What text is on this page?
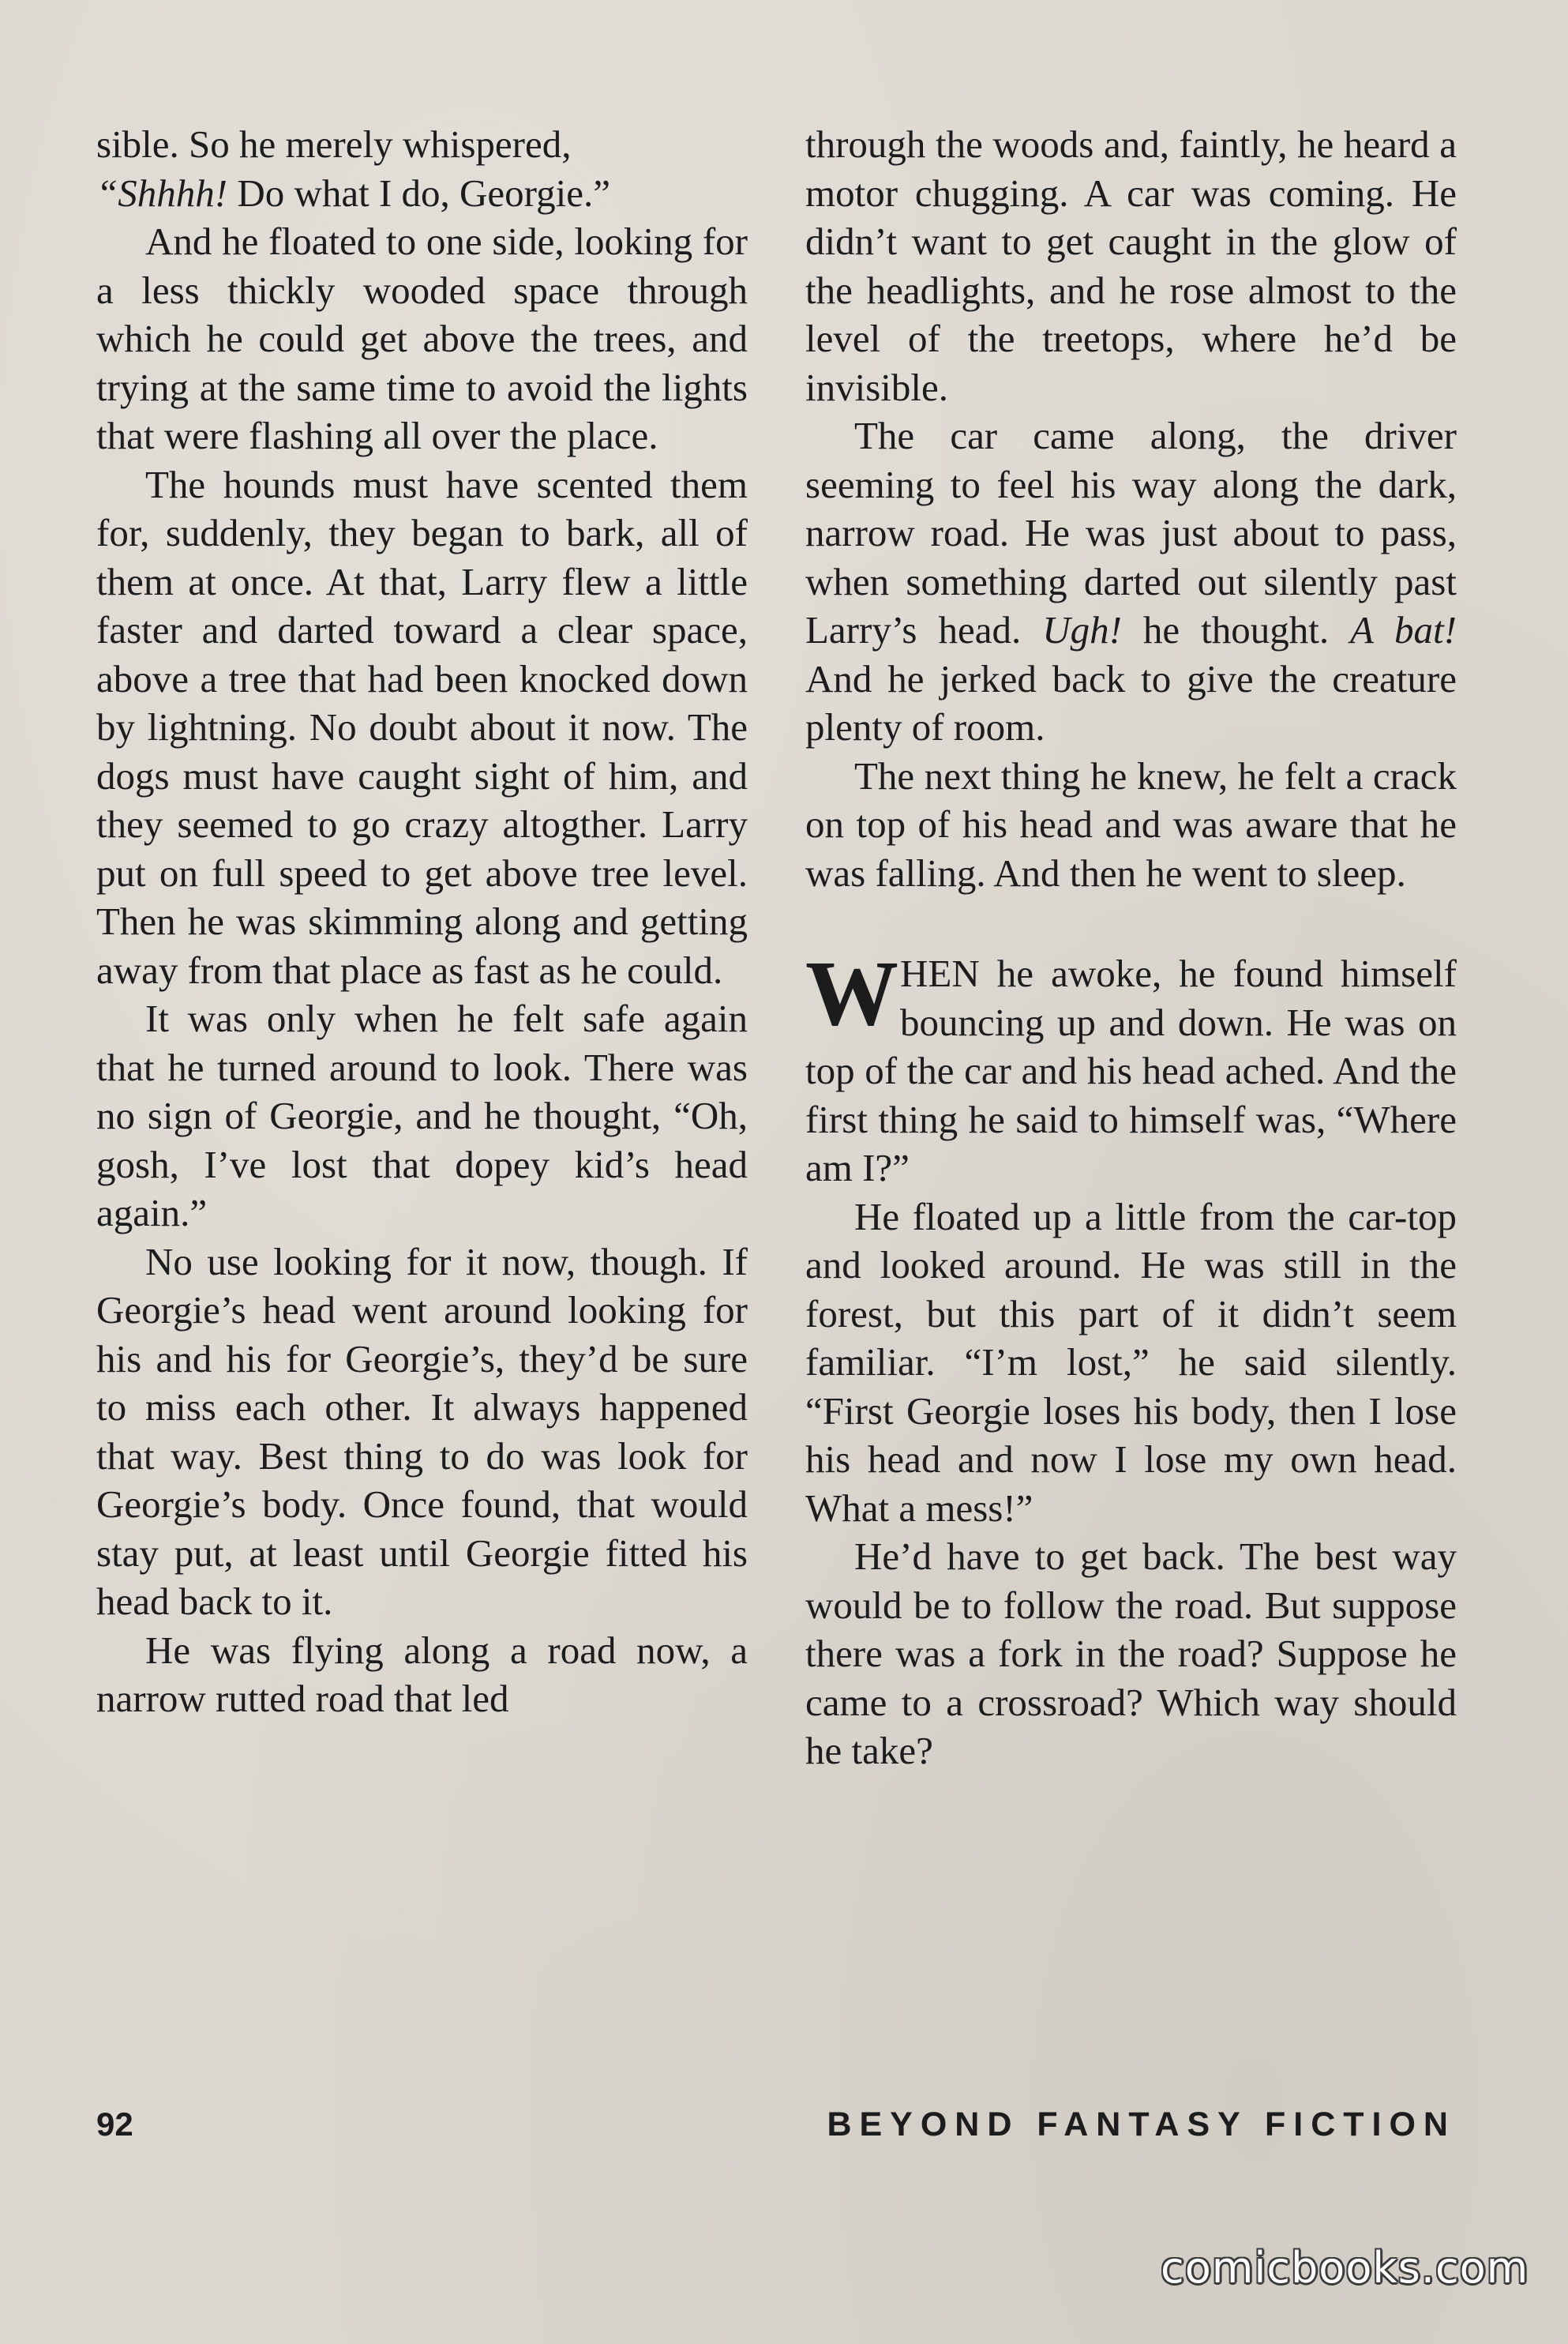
sible. So he merely whispered,
“Shhhh! Do what I do, Georgie.”

And he floated to one side, looking for a less thickly wooded space through which he could get above the trees, and trying at the same time to avoid the lights that were flashing all over the place.

The hounds must have scented them for, suddenly, they began to bark, all of them at once. At that, Larry flew a little faster and darted toward a clear space, above a tree that had been knocked down by lightning. No doubt about it now. The dogs must have caught sight of him, and they seemed to go crazy altogther. Larry put on full speed to get above tree level. Then he was skimming along and getting away from that place as fast as he could.

It was only when he felt safe again that he turned around to look. There was no sign of Georgie, and he thought, “Oh, gosh, I’ve lost that dopey kid’s head again.”

No use looking for it now, though. If Georgie’s head went around looking for his and his for Georgie’s, they’d be sure to miss each other. It always happened that way. Best thing to do was look for Georgie’s body. Once found, that would stay put, at least until Georgie fitted his head back to it.

He was flying along a road now, a narrow rutted road that led

through the woods and, faintly, he heard a motor chugging. A car was coming. He didn’t want to get caught in the glow of the headlights, and he rose almost to the level of the treetops, where he’d be invisible.

The car came along, the driver seeming to feel his way along the dark, narrow road. He was just about to pass, when something darted out silently past Larry’s head. Ugh! he thought. A bat! And he jerked back to give the creature plenty of room.

The next thing he knew, he felt a crack on top of his head and was aware that he was falling. And then he went to sleep.

WHEN he awoke, he found himself bouncing up and down. He was on top of the car and his head ached. And the first thing he said to himself was, “Where am I?”

He floated up a little from the car-top and looked around. He was still in the forest, but this part of it didn’t seem familiar. “I’m lost,” he said silently. “First Georgie loses his body, then I lose his head and now I lose my own head. What a mess!”

He’d have to get back. The best way would be to follow the road. But suppose there was a fork in the road? Suppose he came to a crossroad? Which way should he take?

92	BEYOND FANTASY FICTION
comicbooks.com
